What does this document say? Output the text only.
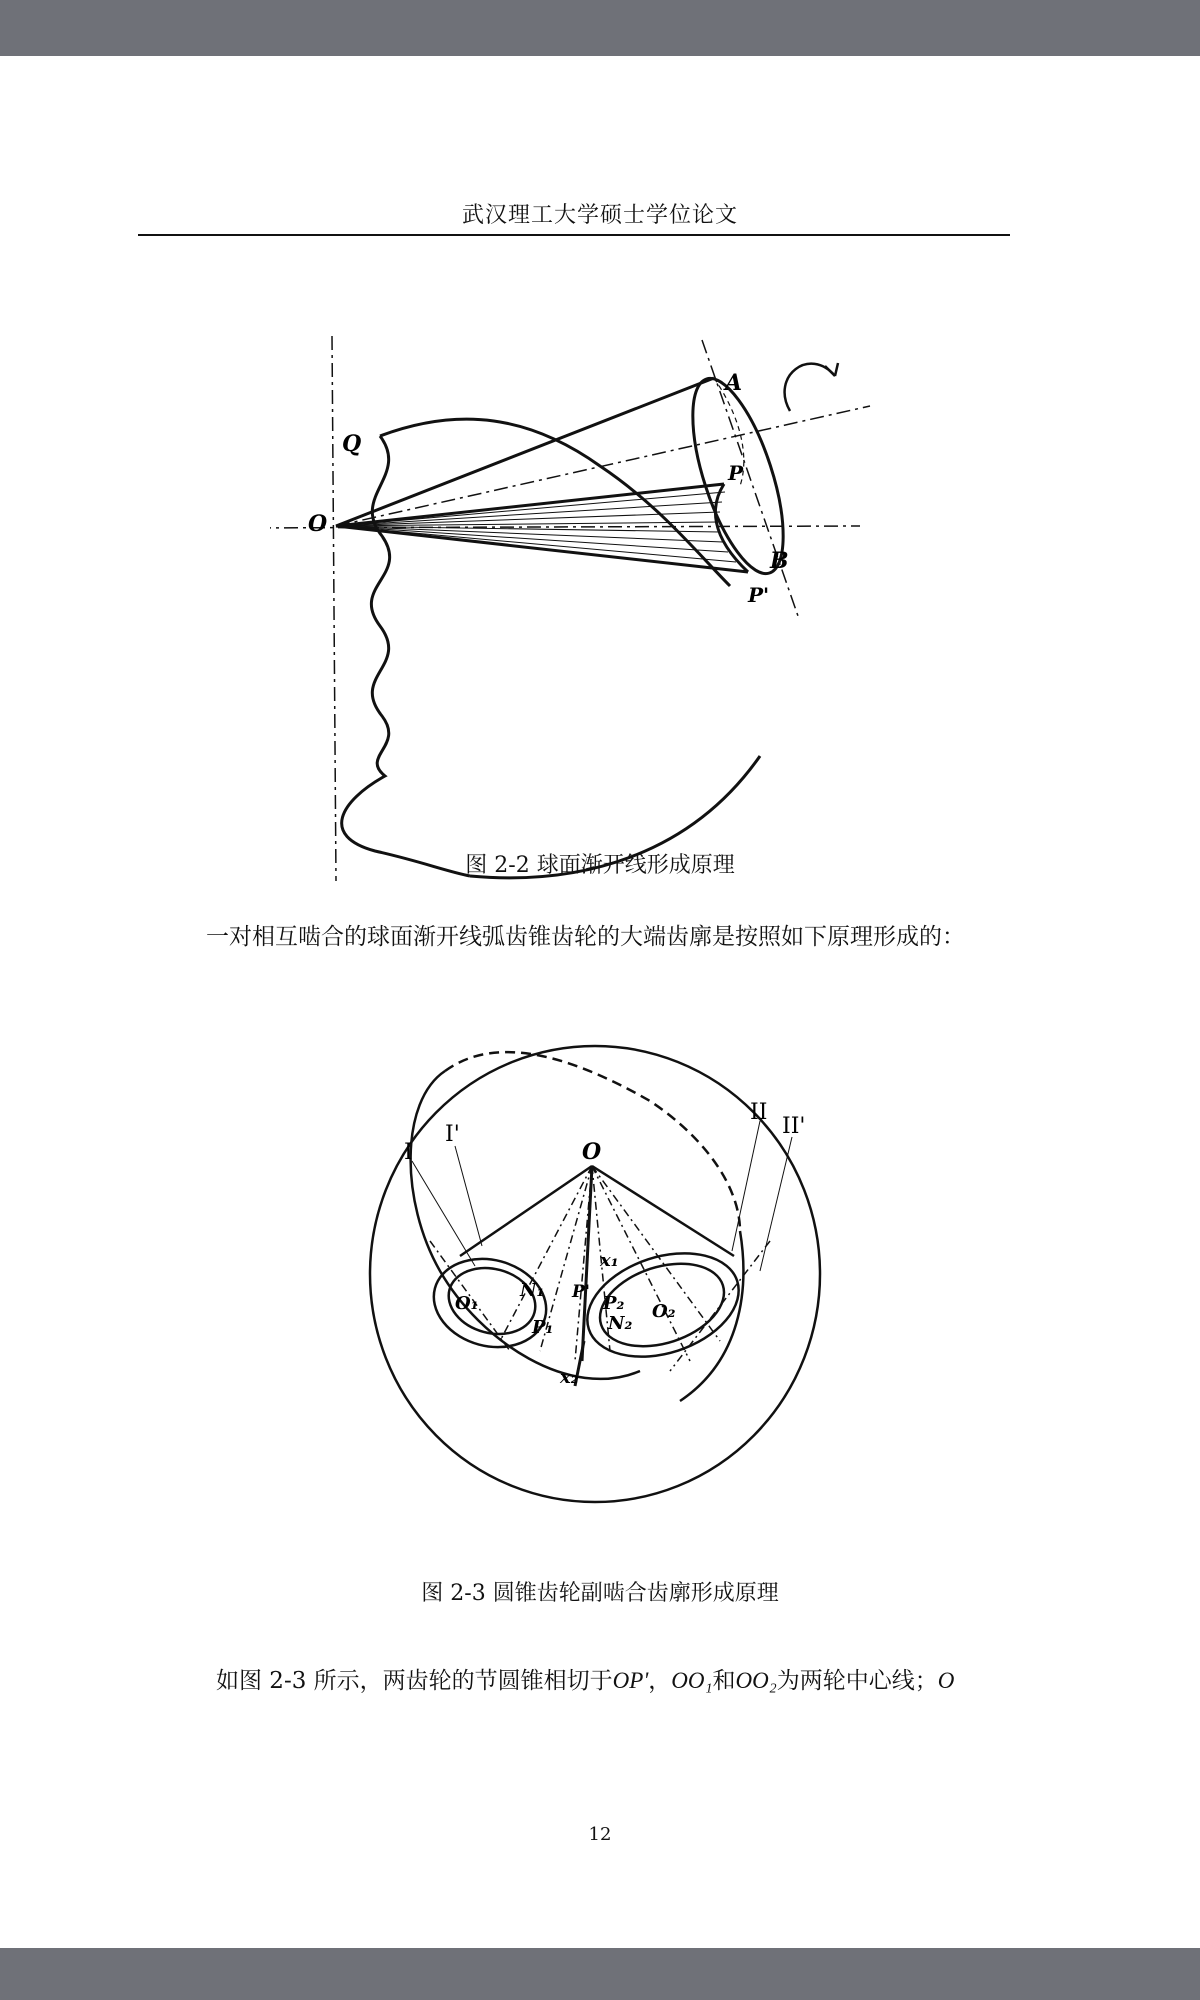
武汉理工大学硕士学位论文
Q
O
A
P
B
P'
图 2-2 球面渐开线形成原理
一对相互啮合的球面渐开线弧齿锥齿轮的大端齿廓是按照如下原理形成的：
O
I
I'
II
II'
x₁
x₂
O₁
N₁
P₁
P'
P₂
N₂
O₂
图 2-3 圆锥齿轮副啮合齿廓形成原理
如图 2-3 所示，两齿轮的节圆锥相切于OP'，OO₁和OO₂为两轮中心线；O
12
